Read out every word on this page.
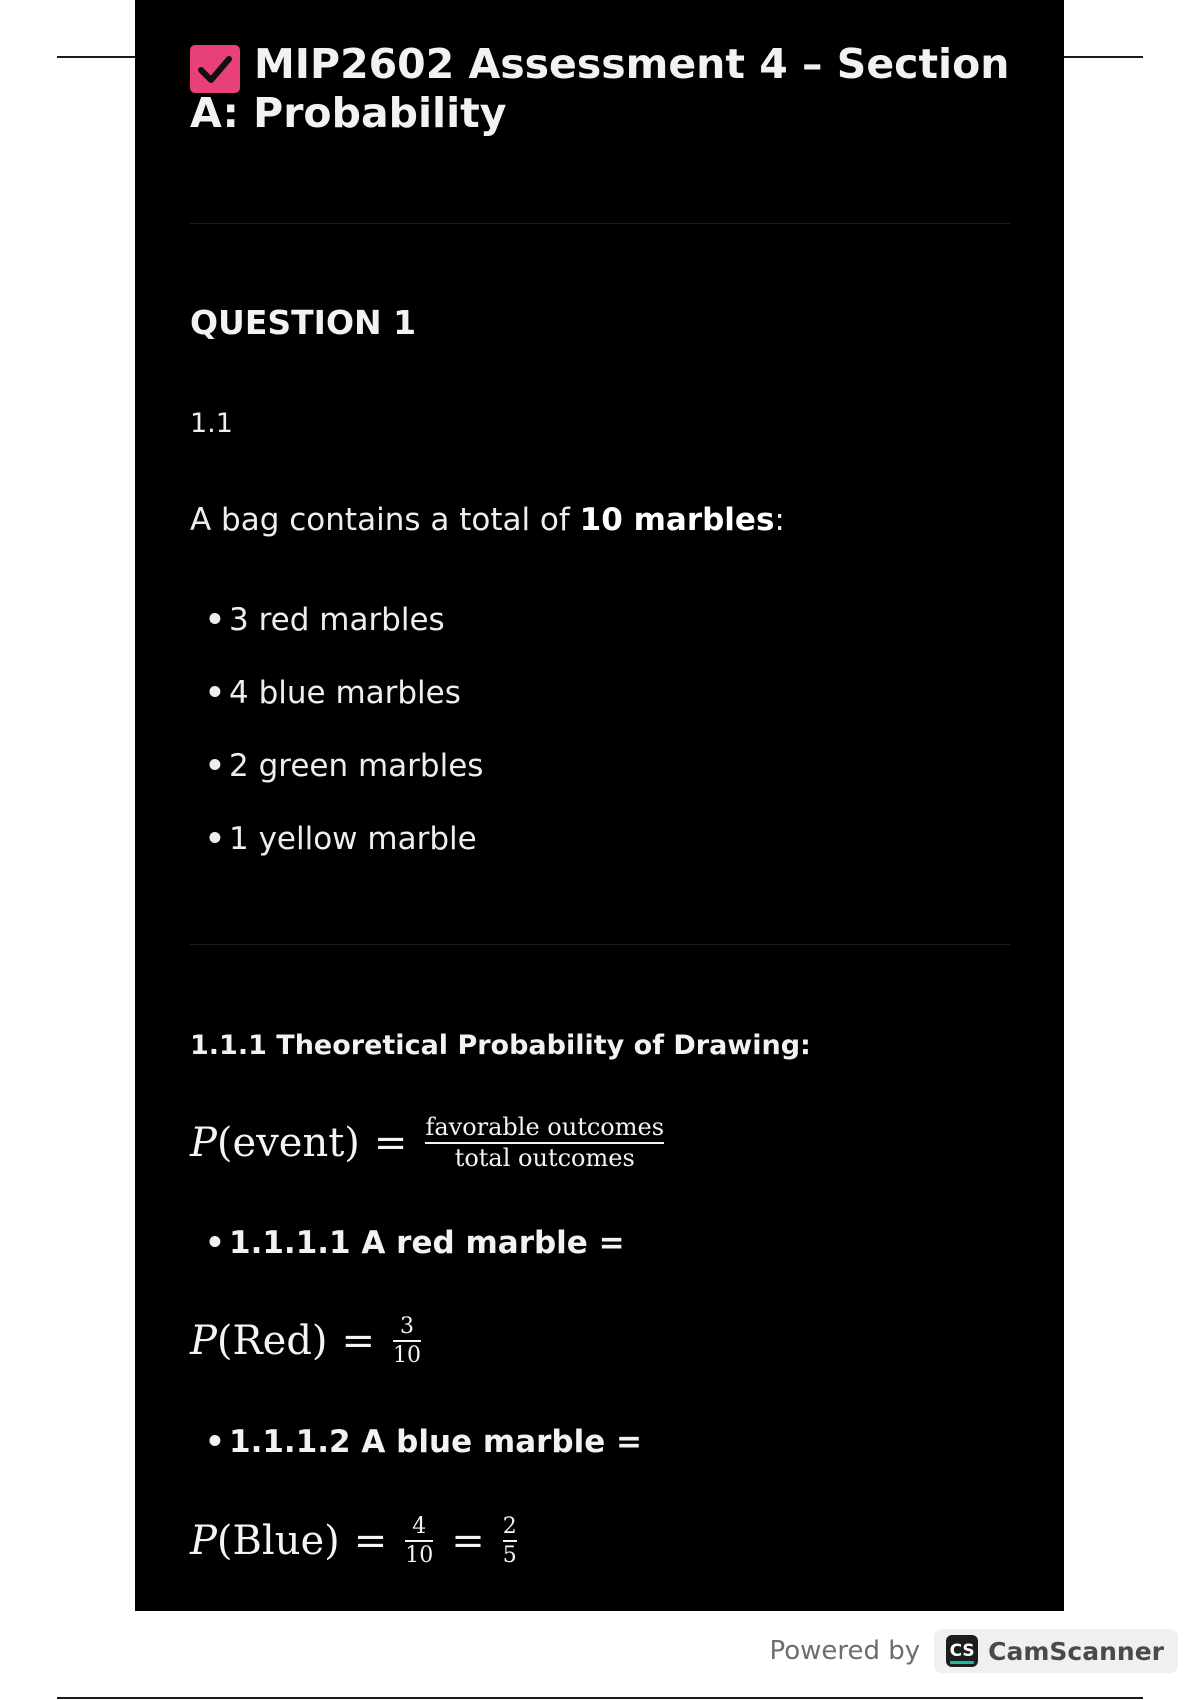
MIP2602 Assessment 4 – Section A: Probability
QUESTION 1
1.1
A bag contains a total of 10 marbles:
• 3 red marbles
• 4 blue marbles
• 2 green marbles
• 1 yellow marble
1.1.1 Theoretical Probability of Drawing:
P (event) = $\frac{\text{favorable outcomes}}{\text{total outcomes}}$
• 1.1.1.1 A red marble =
P $(Red) = \frac{3}{10}$
• 1.1.1.2 A blue marble =
P (Blue) = $\frac{4}{10} = \frac{2}{5}$
Powered by CS CamScanner
